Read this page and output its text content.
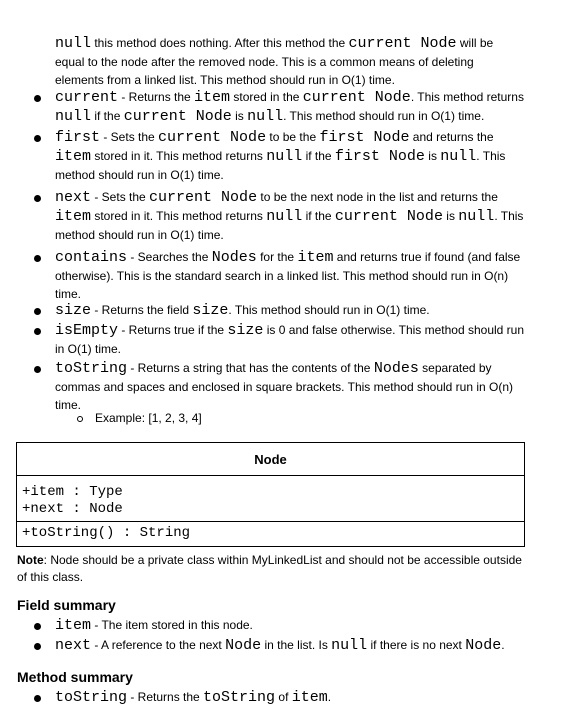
null this method does nothing. After this method the current Node will be equal to the node after the removed node. This is a common means of deleting elements from a linked list. This method should run in O(1) time.
current - Returns the item stored in the current Node. This method returns null if the current Node is null. This method should run in O(1) time.
first - Sets the current Node to be the first Node and returns the item stored in it. This method returns null if the first Node is null. This method should run in O(1) time.
next - Sets the current Node to be the next node in the list and returns the item stored in it. This method returns null if the current Node is null. This method should run in O(1) time.
contains - Searches the Nodes for the item and returns true if found (and false otherwise). This is the standard search in a linked list. This method should run in O(n) time.
size - Returns the field size. This method should run in O(1) time.
isEmpty - Returns true if the size is 0 and false otherwise. This method should run in O(1) time.
toString - Returns a string that has the contents of the Nodes separated by commas and spaces and enclosed in square brackets. This method should run in O(n) time.
Example: [1, 2, 3, 4]
Node
+item : Type
+next : Node
+toString() : String
Note: Node should be a private class within MyLinkedList and should not be accessible outside of this class.
Field summary
item - The item stored in this node.
next - A reference to the next Node in the list. Is null if there is no next Node.
Method summary
toString - Returns the toString of item.
